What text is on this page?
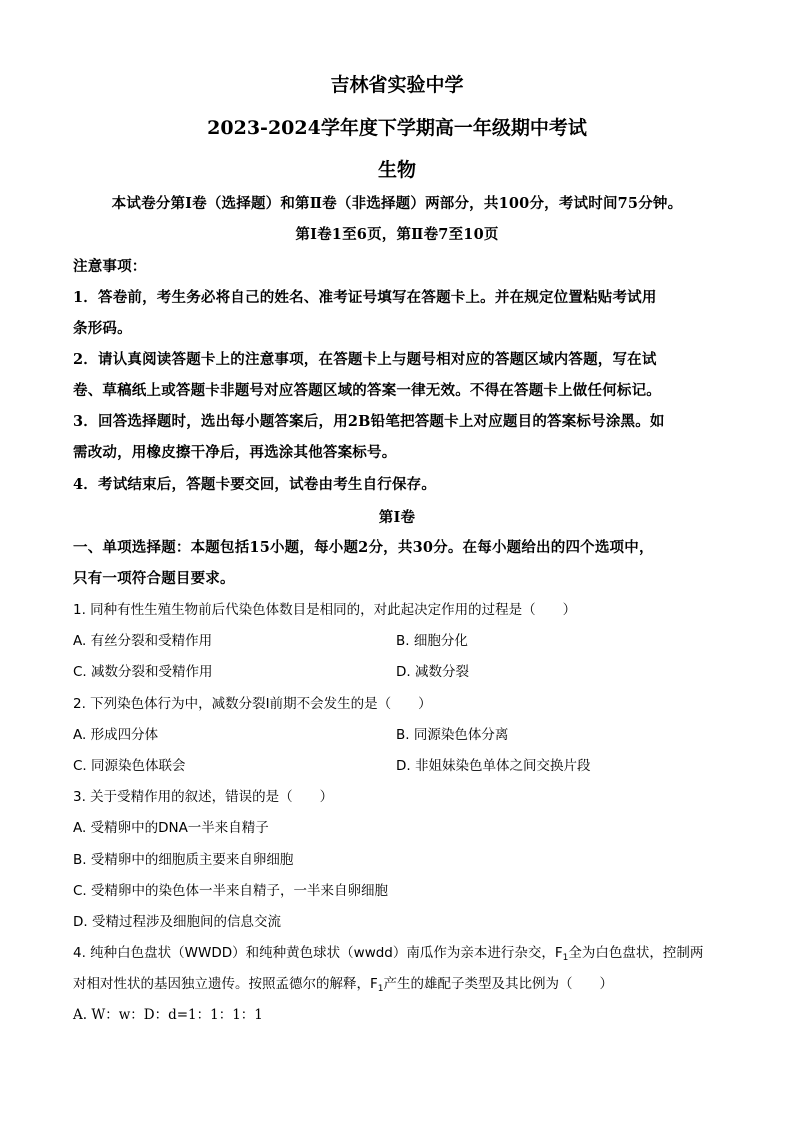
吉林省实验中学
2023-2024学年度下学期高一年级期中考试
生物
本试卷分第Ⅰ卷（选择题）和第Ⅱ卷（非选择题）两部分，共100分，考试时间75分钟。
第Ⅰ卷1至6页，第Ⅱ卷7至10页
注意事项：
1．答卷前，考生务必将自己的姓名、准考证号填写在答题卡上。并在规定位置粘贴考试用
条形码。
2．请认真阅读答题卡上的注意事项，在答题卡上与题号相对应的答题区域内答题，写在试
卷、草稿纸上或答题卡非题号对应答题区域的答案一律无效。不得在答题卡上做任何标记。
3．回答选择题时，选出每小题答案后，用2B铅笔把答题卡上对应题目的答案标号涂黑。如
需改动，用橡皮擦干净后，再选涂其他答案标号。
4．考试结束后，答题卡要交回，试卷由考生自行保存。
第Ⅰ卷
一、单项选择题：本题包括15小题，每小题2分，共30分。在每小题给出的四个选项中，
只有一项符合题目要求。
1. 同种有性生殖生物前后代染色体数目是相同的，对此起决定作用的过程是（　　）
A. 有丝分裂和受精作用	B. 细胞分化
C. 减数分裂和受精作用	D. 减数分裂
2. 下列染色体行为中，减数分裂Ⅰ前期不会发生的是（　　）
A. 形成四分体	B. 同源染色体分离
C. 同源染色体联会	D. 非姐妹染色单体之间交换片段
3. 关于受精作用的叙述，错误的是（　　）
A. 受精卵中的DNA一半来自精子
B. 受精卵中的细胞质主要来自卵细胞
C. 受精卵中的染色体一半来自精子，一半来自卵细胞
D. 受精过程涉及细胞间的信息交流
4. 纯种白色盘状（WWDD）和纯种黄色球状（wwdd）南瓜作为亲本进行杂交，$F_1$全为白色盘状，控制两
对相对性状的基因独立遗传。按照孟德尔的解释，$F_1$产生的雄配子类型及其比例为（　　）
A. W：w：D：d=1：1：1：1
